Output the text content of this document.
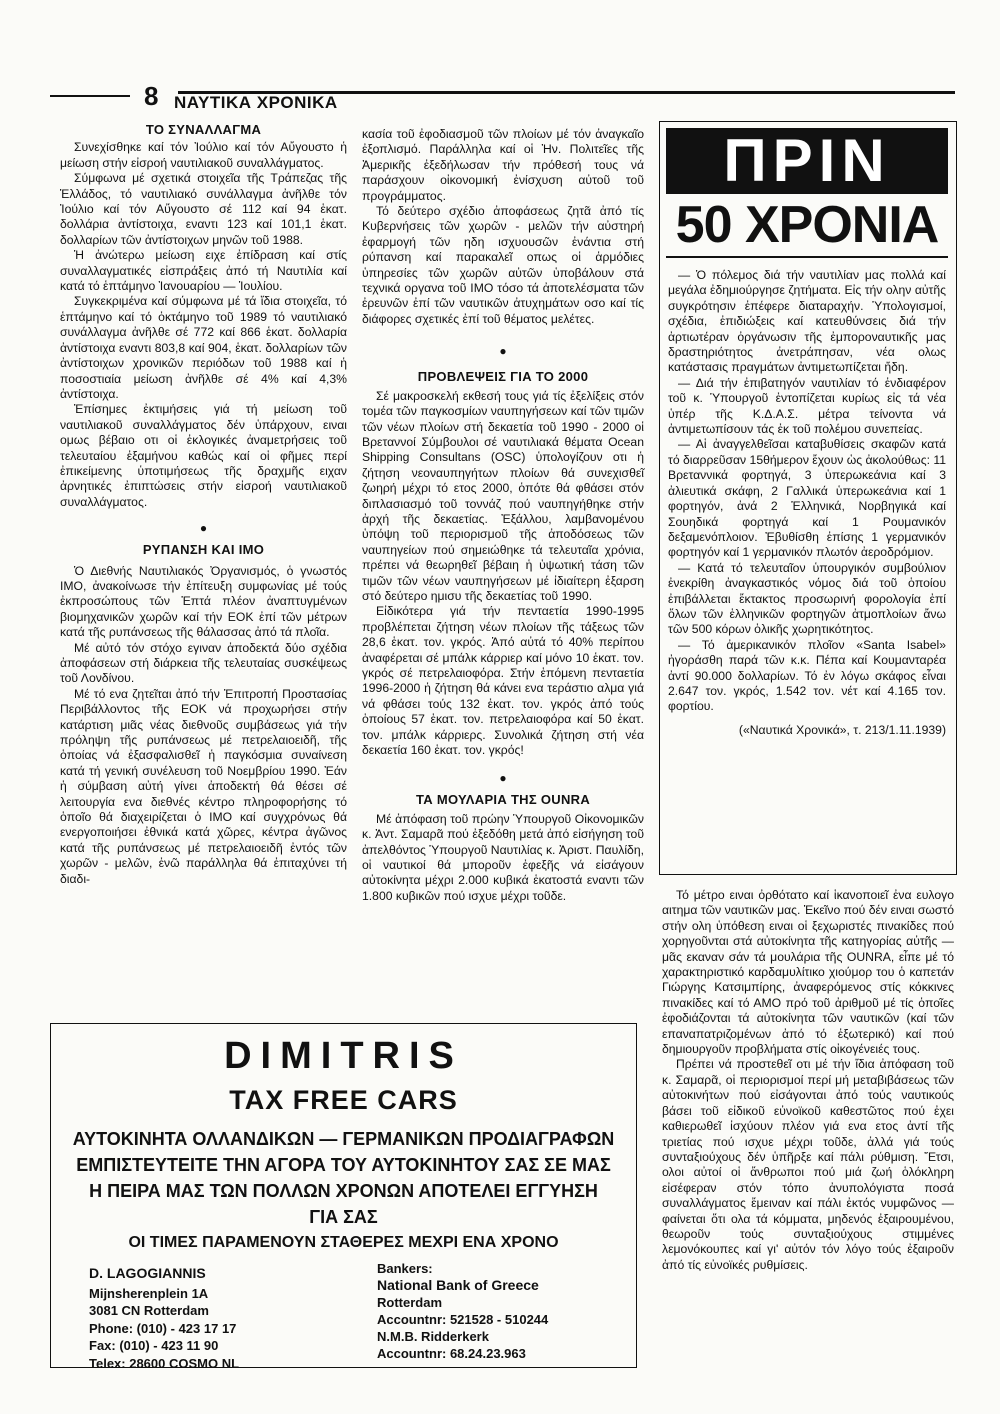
8 ΝΑΥΤΙΚΑ ΧΡΟΝΙΚΑ
ΤΟ ΣΥΝΑΛΛΑΓΜΑ

Συνεχίσθηκε καί τόν Ἰούλιο καί τόν Αὔγουστο ἡ μείωση στήν εἰσροή ναυτιλιακοῦ συναλλάγματος.

Σύμφωνα μέ σχετικά στοιχεῖα τῆς Τράπεζας τῆς Ἑλλάδος, τό ναυτιλιακό συνάλλαγμα ἀνῆλθε τόν Ἰούλιο καί τόν Αὔγουστο σέ 112 καί 94 ἑκατ. δολλάρια ἀντίστοιχα, εναντι 123 καί 101,1 ἑκατ. δολλαρίων τῶν ἀντίστοιχων μηνῶν τοῦ 1988.

Ἡ ἀνώτερω μείωση ειχε ἐπίδραση καί στίς συναλλαγματικές εἰσπράξεις ἀπό τή Ναυτιλία καί κατά τό ἑπτάμηνο Ἰανουαρίου — Ἰουλίου.

Συγκεκριμένα καί σύμφωνα μέ τά ἴδια στοιχεῖα, τό ἑπτάμηνο καί τό ὀκτάμηνο τοῦ 1989 τό ναυτιλιακό συνάλλαγμα ἀνῆλθε σέ 772 καί 866 ἑκατ. δολλαρία ἀντίστοιχα εναντι 803,8 καί 904, ἑκατ. δολλαρίων τῶν ἀντίστοιχων χρονικῶν περιόδων τοῦ 1988 καί ἡ ποσοστιαία μείωση ἀνῆλθε σέ 4% καί 4,3% ἀντίστοιχα.

Ἐπίσημες ἐκτιμήσεις γιά τή μείωση τοῦ ναυτιλιακοῦ συναλλάγματος δέν ὑπάρχουν, ειναι ομως βέβαιο οτι οἱ ἐκλογικές ἀναμετρήσεις τοῦ τελευταίου ἐξαμήνου καθώς καί οἱ φῆμες περί ἐπικείμενης ὑποτιμήσεως τῆς δραχμῆς ειχαν ἀρνητικές ἐπιπτώσεις στήν εἰσροή ναυτιλιακοῦ συναλλάγματος.

●
ΡΥΠΑΝΣΗ ΚΑΙ ΙΜΟ

Ὁ Διεθνής Ναυτιλιακός Ὀργανισμός, ὁ γνωστός IMO, ἀνακοίνωσε τήν ἐπίτευξη συμφωνίας μέ τούς ἐκπροσώπους τῶν Ἑπτά πλέον ἀναπτυγμένων βιομηχανικῶν χωρῶν καί τήν ΕΟΚ ἐπί τῶν μέτρων κατά τῆς ρυπάνσεως τῆς θάλασσας ἀπό τά πλοῖα.

Μέ αὐτό τόν στόχο εγιναν ἀποδεκτά δύο σχέδια ἀποφάσεων στή διάρκεια τῆς τελευταίας συσκέψεως τοῦ Λονδίνου.

Μέ τό ενα ζητεῖται ἀπό τήν Ἐπιτροπή Προστασίας Περιβάλλοντος τῆς ΕΟΚ νά προχωρήσει στήν κατάρτιση μιᾶς νέας διεθνοῦς συμβάσεως γιά τήν πρόληψη τῆς ρυπάνσεως μέ πετρελαιοειδῆ, τῆς ὁποίας νά ἐξασφαλισθεῖ ἡ παγκόσμια συναίνεση κατά τή γενική συνέλευση τοῦ Νοεμβρίου 1990. Ἐάν ἡ σύμβαση αὐτή γίνει ἀποδεκτή θά θέσει σέ λειτουργία ενα διεθνές κέντρο πληροφορήσης τό ὁποῖο θά διαχειρίζεται ὁ IMO καί συγχρόνως θά ενεργοποιήσει ἐθνικά κατά χῶρες, κέντρα ἀγῶνος κατά τῆς ρυπάνσεως μέ πετρελαιοειδῆ ἐντός τῶν χωρῶν - μελῶν, ἐνῶ παράλληλα θά ἐπιταχύνει τή διαδι-

κασία τοῦ ἐφοδιασμοῦ τῶν πλοίων μέ τόν ἀναγκαῖο ἐξοπλισμό. Παράλληλα καί οἱ Ἡν. Πολιτεῖες τῆς Ἀμερικῆς ἐξεδήλωσαν τήν πρόθεσή τους νά παράσχουν οἰκονομική ἐνίσχυση αὐτοῦ τοῦ προγράμματος.

Τό δεύτερο σχέδιο ἀποφάσεως ζητᾶ ἀπό τίς Κυβερνήσεις τῶν χωρῶν - μελῶν τήν αὐστηρή ἐφαρμογή τῶν ηδη ισχυουσῶν ἐνάντια στή ρύπανση καί παρακαλεῖ οπως οἱ ἁρμόδιες ὑπηρεσίες τῶν χωρῶν αὐτῶν ὑποβάλουν στά τεχνικά οργανα τοῦ IMO τόσο τά ἀποτελέσματα τῶν ἐρευνῶν ἐπί τῶν ναυτικῶν ἀτυχημάτων οσο καί τίς διάφορες σχετικές ἐπί τοῦ θέματος μελέτες.

●
ΠΡΟΒΛΕΨΕΙΣ ΓΙΑ ΤΟ 2000

Σέ μακροσκελή εκθεσή τους γιά τίς ἐξελίξεις στόν τομέα τῶν παγκοσμίων ναυπηγήσεων καί τῶν τιμῶν τῶν νέων πλοίων στή δεκαετία τοῦ 1990 - 2000 οἱ Βρεταννοί Σύμβουλοι σέ ναυτιλιακά θέματα Ocean Shipping Consultans (OSC) ὑπολογίζουν οτι ἡ ζήτηση νεοναυπηγήτων πλοίων θά συνεχισθεῖ ζωηρή μέχρι τό ετος 2000, ὁπότε θά φθάσει στόν διπλασιασμό τοῦ τοννάζ πού ναυπηγήθηκε στήν ἀρχή τῆς δεκαετίας. Ἐξάλλου, λαμβανομένου ὑπόψη τοῦ περιορισμοῦ τῆς ἀποδόσεως τῶν ναυπηγείων πού σημειώθηκε τά τελευταῖα χρόνια, πρέπει νά θεωρηθεῖ βέβαιη ἡ ὑψωτική τάση τῶν τιμῶν τῶν νέων ναυπηγήσεων μέ ἰδιαίτερη ἐξαρση στό δεύτερο ημισυ τῆς δεκαετίας τοῦ 1990.

Εἰδικότερα γιά τήν πενταετία 1990-1995 προβλέπεται ζήτηση νέων πλοίων τῆς τάξεως τῶν 28,6 ἑκατ. τον. γκρός. Ἀπό αὐτά τό 40% περίπου ἀναφέρεται σέ μπάλκ κάρριερ καί μόνο 10 ἑκατ. τον. γκρός σέ πετρελαιοφόρα. Στήν ἑπόμενη πενταετία 1996-2000 ἡ ζήτηση θά κάνει ενα τεράστιο αλμα γιά νά φθάσει τούς 132 ἑκατ. τον. γκρός ἀπό τούς ὁποίους 57 ἑκατ. τον. πετρελαιοφόρα καί 50 ἑκατ. τον. μπάλκ κάρριερς. Συνολικά ζήτηση στή νέα δεκαετία 160 ἑκατ. τον. γκρός!

●
ΤΑ ΜΟΥΛΑΡΙΑ ΤΗΣ OUNRA

Μέ ἀπόφαση τοῦ πρώην Ὑπουργοῦ Οἰκονομικῶν κ. Ἀντ. Σαμαρᾶ πού ἐξεδόθη μετά ἀπό εἰσήγηση τοῦ ἀπελθόντος Ὑπουργοῦ Ναυτιλίας κ. Ἀριστ. Παυλίδη, οἱ ναυτικοί θά μποροῦν ἐφεξῆς νά εἰσάγουν αὐτοκίνητα μέχρι 2.000 κυβικά ἑκατοστά εναντι τῶν 1.800 κυβικῶν πού ισχυε μέχρι τοῦδε.

ΠΡΙΝ
50 ΧΡΟΝΙΑ

— Ὁ πόλεμος διά τήν ναυτιλίαν μας πολλά καί μεγάλα ἐδημιούργησε ζητήματα. Εἰς τήν ολην αὐτῆς συγκρότησιν ἐπέφερε διαταραχήν. Ὑπολογισμοί, σχέδια, ἐπιδιώξεις καί κατευθύνσεις διά τήν ἀρτιωτέραν ὀργάνωσιν τῆς ἐμποροναυτικῆς μας δραστηριότητος ἀνετράπησαν, νέα ολως κατάστασις πραγμάτων ἀντιμετωπίζεται ἤδη.

— Διά τήν ἐπιβατηγόν ναυτιλίαν τό ἐνδιαφέρον τοῦ κ. Ὑπουργοῦ ἐντοπίζεται κυρίως εἰς τά νέα ὑπέρ τῆς Κ.Δ.Α.Σ. μέτρα τείνοντα νά ἀντιμετωπίσουν τάς ἐκ τοῦ πολέμου συνεπείας.

— Αἱ ἀναγγελθεῖσαι καταβυθίσεις σκαφῶν κατά τό διαρρεῦσαν 15θήμερον ἔχουν ὡς ἀκολούθως: 11 Βρεταννικά φορτηγά, 3 ὑπερωκεάνια καί 3 ἀλιευτικά σκάφη, 2 Γαλλικά ὑπερωκεάνια καί 1 φορτηγόν, ἀνά 2 Ἑλληνικά, Νορβηγικά καί Σουηδικά φορτηγά καί 1 Ρουμανικόν δεξαμενόπλοιον. Ἐβυθίσθη ἐπίσης 1 γερμανικόν φορτηγόν καί 1 γερμανικόν πλωτόν ἀεροδρόμιον.

— Κατά τό τελευταῖον ὑπουργικόν συμβούλιον ἐνεκρίθη ἀναγκαστικός νόμος διά τοῦ ὁποίου ἐπιβάλλεται ἔκτακτος προσωρινή φορολογία ἐπί ὅλων τῶν ἑλληνικῶν φορτηγῶν ἀτμοπλοίων ἄνω τῶν 500 κόρων ὁλικῆς χωρητικότητος.

— Τό ἀμερικανικόν πλοῖον «Santa Isabel» ἠγοράσθη παρά τῶν κ.κ. Πέπα καί Κουμανταρέα ἀντί 90.000 δολλαρίων. Τό ἐν λόγω σκάφος εἶναι 2.647 τον. γκρός, 1.542 τον. νέτ καί 4.165 τον. φορτίου.

(«Ναυτικά Χρονικά», τ. 213/1.11.1939)

Τό μέτρο ειναι ὀρθότατο καί ἱκανοποιεῖ ἐνα ευλογο αιτημα τῶν ναυτικῶν μας. Ἐκεῖνο πού δέν ειναι σωστό στήν ολη ὑπόθεση ειναι οἱ ξεχωριστές πινακίδες πού χορηγοῦνται στά αὐτοκίνητα τῆς κατηγορίας αὐτῆς — μᾶς εκαναν σάν τά μουλάρια τῆς OUNRA, εἶπε μέ τό χαρακτηριστικό καρδαμυλίτικο χιούμορ του ὁ καπετάν Γιώργης Κατσιμπίρης, ἀναφερόμενος στίς κόκκινες πινακίδες καί τό ΑΜΟ πρό τοῦ ἀριθμοῦ μέ τίς ὁποῖες ἐφοδιάζονται τά αὐτοκίνητα τῶν ναυτικῶν (καί τῶν επαναπατριζομένων ἀπό τό ἐξωτερικό) καί πού δημιουργοῦν προβλήματα στίς οἰκογένειές τους.

Πρέπει νά προστεθεῖ οτι μέ τήν ἴδια ἀπόφαση τοῦ κ. Σαμαρᾶ, οἱ περιορισμοί περί μή μεταβιβάσεως τῶν αὐτοκινήτων πού εἰσάγονται ἀπό τούς ναυτικούς βάσει τοῦ εἰδικοῦ εὐνοϊκοῦ καθεστῶτος πού ἐχει καθιερωθεῖ ἰσχύουν πλέον γιά ενα ετος ἀντί τῆς τριετίας πού ισχυε μέχρι τοῦδε, ἀλλά γιά τούς συνταξιούχους δέν ὑπῆρξε καί πάλι ρύθμιση. Ἔτσι, ολοι αὐτοί οἱ ἄνθρωποι πού μιά ζωή ὁλόκληρη εἰσέφεραν στόν τόπο ἀνυπολόγιστα ποσά συναλλάγματος ἔμειναν καί πάλι ἐκτός νυμφῶνος — φαίνεται ὅτι ολα τά κόμματα, μηδενός ἐξαιρουμένου, θεωροῦν τούς συνταξιούχους στιμμένες λεμονόκουπες καί γι' αὐτόν τόν λόγο τούς ἐξαιροῦν ἀπό τίς εὐνοϊκές ρυθμίσεις.

DIMITRIS
TAX FREE CARS
ΑΥΤΟΚΙΝΗΤΑ ΟΛΛΑΝΔΙΚΩΝ — ΓΕΡΜΑΝΙΚΩΝ ΠΡΟΔΙΑΓΡΑΦΩΝ
ΕΜΠΙΣΤΕΥΤΕΙΤΕ ΤΗΝ ΑΓΟΡΑ ΤΟΥ ΑΥΤΟΚΙΝΗΤΟΥ ΣΑΣ ΣΕ ΜΑΣ
Η ΠΕΙΡΑ ΜΑΣ ΤΩΝ ΠΟΛΛΩΝ ΧΡΟΝΩΝ ΑΠΟΤΕΛΕΙ ΕΓΓΥΗΣΗ
ΓΙΑ ΣΑΣ
ΟΙ ΤΙΜΕΣ ΠΑΡΑΜΕΝΟΥΝ ΣΤΑΘΕΡΕΣ ΜΕΧΡΙ ΕΝΑ ΧΡΟΝΟ
D. LAGOGIANNIS
Mijnsherenplein 1A
3081 CN Rotterdam
Phone: (010) - 423 17 17
Fax: (010) - 423 11 90
Telex: 28600 COSMO NL
Bankers:
National Bank of Greece
Rotterdam
Accountnr: 521528 - 510244
N.M.B. Ridderkerk
Accountnr: 68.24.23.963
